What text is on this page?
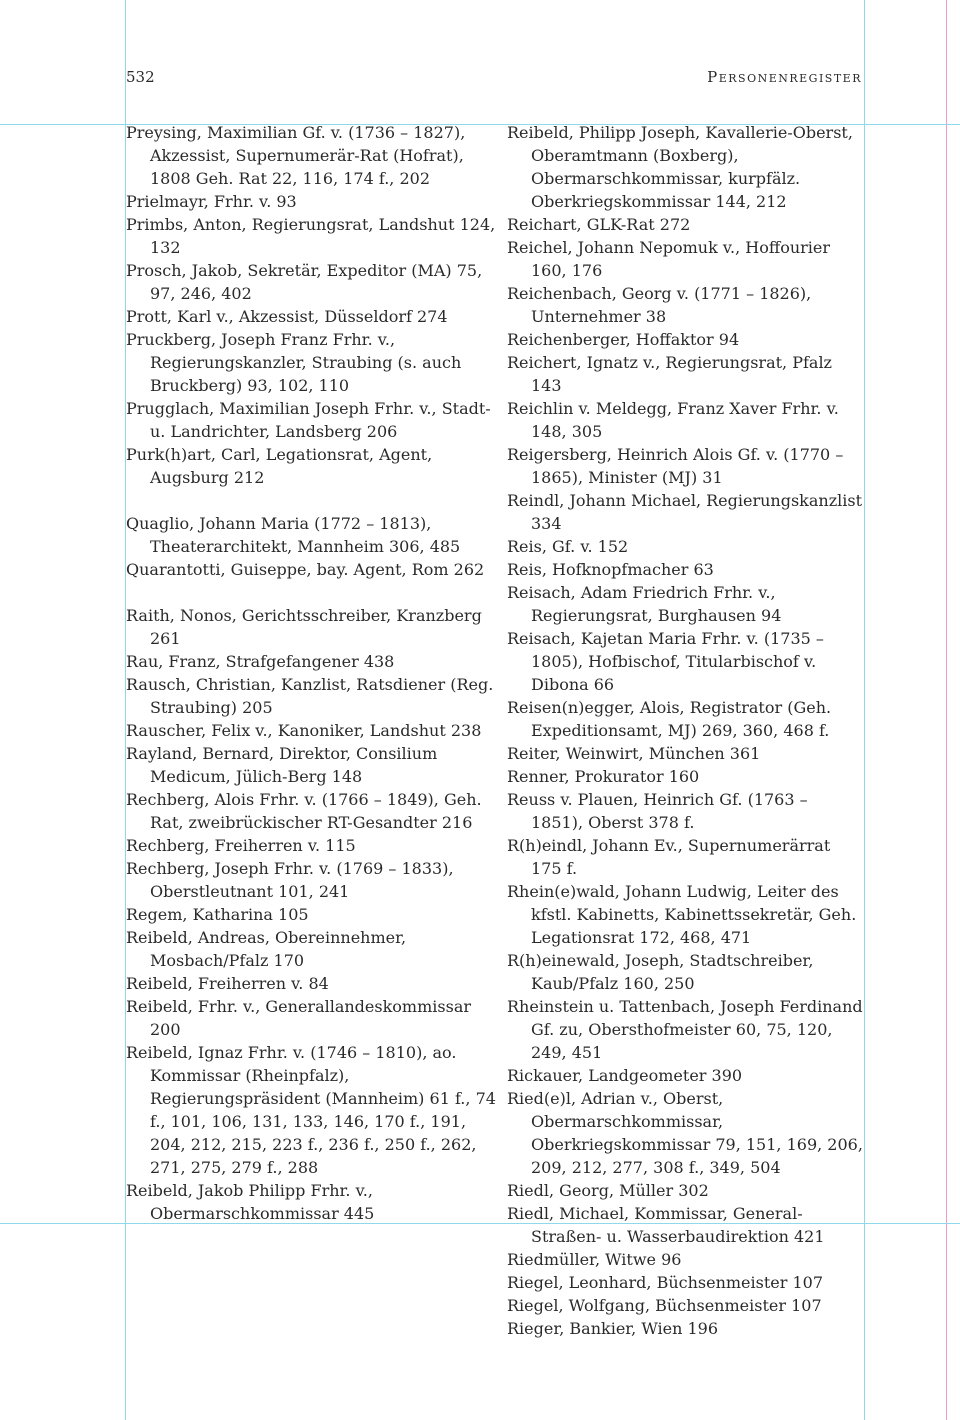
532	Personenregister

Preysing, Maximilian Gf. v. (1736 – 1827), Akzessist, Supernumerär-Rat (Hofrat), 1808 Geh. Rat 22, 116, 174 f., 202

Prielmayr, Frhr. v. 93

Primbs, Anton, Regierungsrat, Landshut 124, 132

Prosch, Jakob, Sekretär, Expeditor (MA) 75, 97, 246, 402

Prott, Karl v., Akzessist, Düsseldorf 274

Pruckberg, Joseph Franz Frhr. v., Regierungskanzler, Straubing (s. auch Bruckberg) 93, 102, 110

Prugglach, Maximilian Joseph Frhr. v., Stadt- u. Landrichter, Landsberg 206

Purk(h)art, Carl, Legationsrat, Agent, Augsburg 212

Quaglio, Johann Maria (1772 – 1813), Theaterarchitekt, Mannheim 306, 485

Quarantotti, Guiseppe, bay. Agent, Rom 262

Raith, Nonos, Gerichtsschreiber, Kranzberg 261

Rau, Franz, Strafgefangener 438

Rausch, Christian, Kanzlist, Ratsdiener (Reg. Straubing) 205

Rauscher, Felix v., Kanoniker, Landshut 238

Rayland, Bernard, Direktor, Consilium Medicum, Jülich-Berg 148

Rechberg, Alois Frhr. v. (1766 – 1849), Geh. Rat, zweibrückischer RT-Gesandter 216

Rechberg, Freiherren v. 115

Rechberg, Joseph Frhr. v. (1769 – 1833), Oberstleutnant 101, 241

Regem, Katharina 105

Reibeld, Andreas, Obereinnehmer, Mosbach/Pfalz 170

Reibeld, Freiherren v. 84

Reibeld, Frhr. v., Generallandeskommissar 200

Reibeld, Ignaz Frhr. v. (1746 – 1810), ao. Kommissar (Rheinpfalz), Regierungspräsident (Mannheim) 61 f., 74 f., 101, 106, 131, 133, 146, 170 f., 191, 204, 212, 215, 223 f., 236 f., 250 f., 262, 271, 275, 279 f., 288

Reibeld, Jakob Philipp Frhr. v., Obermarschkommissar 445

Reibeld, Philipp Joseph, Kavallerie-Oberst, Oberamtmann (Boxberg), Obermarschkommissar, kurpfälz. Oberkriegskommissar 144, 212

Reichart, GLK-Rat 272

Reichel, Johann Nepomuk v., Hoffourier 160, 176

Reichenbach, Georg v. (1771 – 1826), Unternehmer 38

Reichenberger, Hoffaktor 94

Reichert, Ignatz v., Regierungsrat, Pfalz 143

Reichlin v. Meldegg, Franz Xaver Frhr. v. 148, 305

Reigersberg, Heinrich Alois Gf. v. (1770 – 1865), Minister (MJ) 31

Reindl, Johann Michael, Regierungskanzlist 334

Reis, Gf. v. 152

Reis, Hofknopfmacher 63

Reisach, Adam Friedrich Frhr. v., Regierungsrat, Burghausen 94

Reisach, Kajetan Maria Frhr. v. (1735 – 1805), Hofbischof, Titularbischof v. Dibona 66

Reisen(n)egger, Alois, Registrator (Geh. Expeditionsamt, MJ) 269, 360, 468 f.

Reiter, Weinwirt, München 361

Renner, Prokurator 160

Reuss v. Plauen, Heinrich Gf. (1763 – 1851), Oberst 378 f.

R(h)eindl, Johann Ev., Supernumerärrat 175 f.

Rhein(e)wald, Johann Ludwig, Leiter des kfstl. Kabinetts, Kabinettssekretär, Geh. Legationsrat 172, 468, 471

R(h)einewald, Joseph, Stadtschreiber, Kaub/Pfalz 160, 250

Rheinstein u. Tattenbach, Joseph Ferdinand Gf. zu, Obersthofmeister 60, 75, 120, 249, 451

Rickauer, Landgeometer 390

Ried(e)l, Adrian v., Oberst, Obermarschkommissar, Oberkriegskommissar 79, 151, 169, 206, 209, 212, 277, 308 f., 349, 504

Riedl, Georg, Müller 302

Riedl, Michael, Kommissar, General-Straßen- u. Wasserbaudirektion 421

Riedmüller, Witwe 96

Riegel, Leonhard, Büchsenmeister 107

Riegel, Wolfgang, Büchsenmeister 107

Rieger, Bankier, Wien 196
